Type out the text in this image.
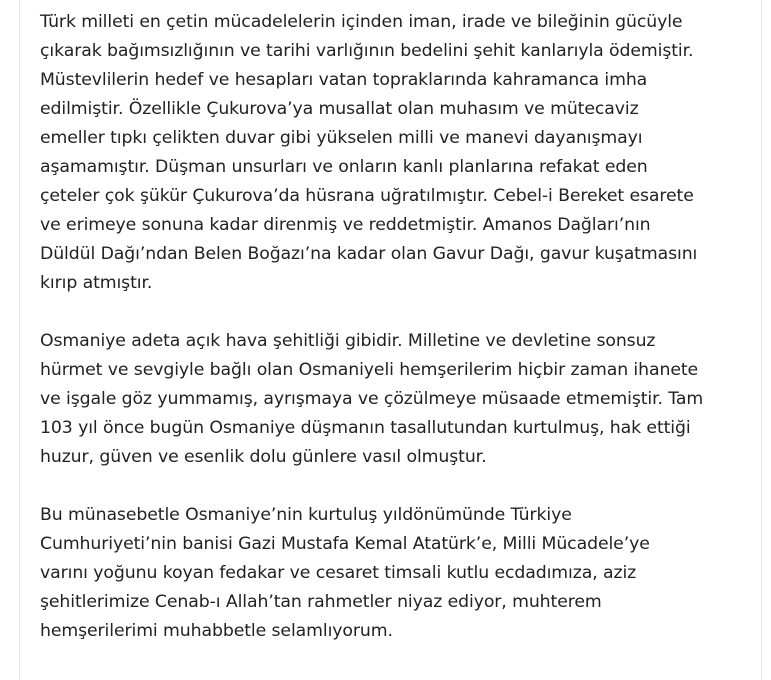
Türk milleti en çetin mücadelelerin içinden iman, irade ve bileğinin gücüyle
çıkarak bağımsızlığının ve tarihi varlığının bedelini şehit kanlarıyla ödemiştir.
Müstevlilerin hedef ve hesapları vatan topraklarında kahramanca imha
edilmiştir. Özellikle Çukurova’ya musallat olan muhasım ve mütecaviz
emeller tıpkı çelikten duvar gibi yükselen milli ve manevi dayanışmayı
aşamamıştır. Düşman unsurları ve onların kanlı planlarına refakat eden
çeteler çok şükür Çukurova’da hüsrana uğratılmıştır. Cebel-i Bereket esarete
ve erimeye sonuna kadar direnmiş ve reddetmiştir. Amanos Dağları’nın
Düldül Dağı’ndan Belen Boğazı’na kadar olan Gavur Dağı, gavur kuşatmasını
kırıp atmıştır.

Osmaniye adeta açık hava şehitliği gibidir. Milletine ve devletine sonsuz
hürmet ve sevgiyle bağlı olan Osmaniyeli hemşerilerim hiçbir zaman ihanete
ve işgale göz yummamış, ayrışmaya ve çözülmeye müsaade etmemiştir. Tam
103 yıl önce bugün Osmaniye düşmanın tasallutundan kurtulmuş, hak ettiği
huzur, güven ve esenlik dolu günlere vasıl olmuştur.

Bu münasebetle Osmaniye’nin kurtuluş yıldönümünde Türkiye
Cumhuriyeti’nin banisi Gazi Mustafa Kemal Atatürk’e, Milli Mücadele’ye
varını yoğunu koyan fedakar ve cesaret timsali kutlu ecdadımıza, aziz
şehitlerimize Cenab-ı Allah’tan rahmetler niyaz ediyor, muhterem
hemşerilerimi muhabbetle selamlıyorum.
